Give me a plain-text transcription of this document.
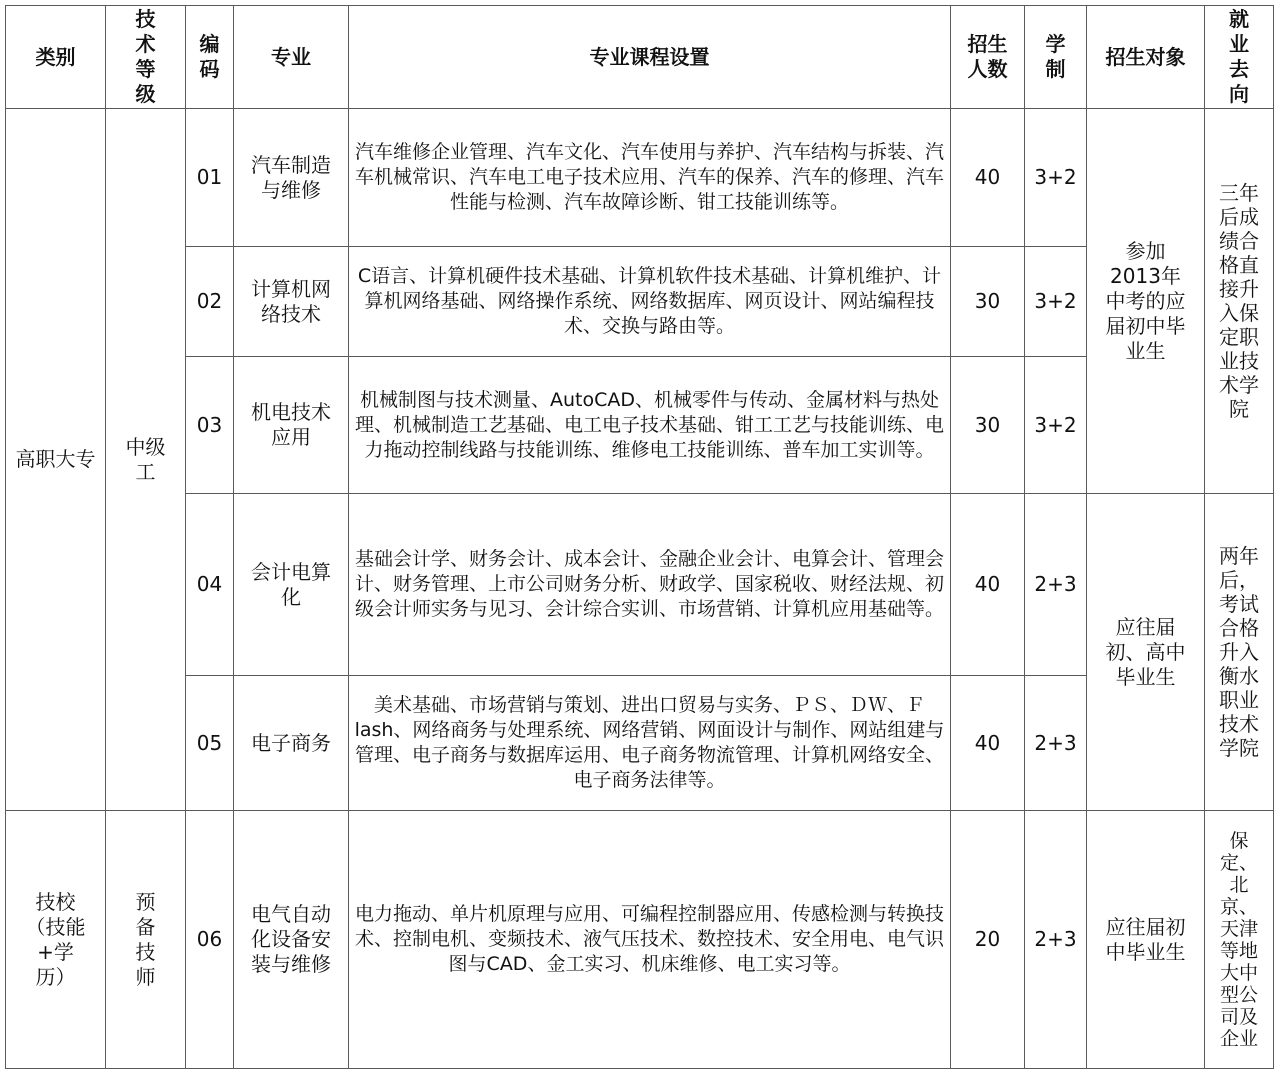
类别	技术等级	编码	专业	专业课程设置	招生人数	学制	招生对象	就业去向
高职大专	中级工	01	汽车制造与维修	汽车维修企业管理、汽车文化、汽车使用与养护、汽车结构与拆装、汽车机械常识、汽车电工电子技术应用、汽车的保养、汽车的修理、汽车性能与检测、汽车故障诊断、钳工技能训练等。	40	3+2	参加2013年中考的应届初中毕业生	三年后成绩合格直接升入保定职业技术学院
		02	计算机网络技术	C语言、计算机硬件技术基础、计算机软件技术基础、计算机维护、计算机网络基础、网络操作系统、网络数据库、网页设计、网站编程技术、交换与路由等。	30	3+2		
		03	机电技术应用	机械制图与技术测量、AutoCAD、机械零件与传动、金属材料与热处理、机械制造工艺基础、电工电子技术基础、钳工工艺与技能训练、电力拖动控制线路与技能训练、维修电工技能训练、普车加工实训等。	30	3+2		
		04	会计电算化	基础会计学、财务会计、成本会计、金融企业会计、电算会计、管理会计、财务管理、上市公司财务分析、财政学、国家税收、财经法规、初级会计师实务与见习、会计综合实训、市场营销、计算机应用基础等。	40	2+3	应往届初、高中毕业生	两年后，考试合格升入衡水职业技术学院
		05	电子商务	美术基础、市场营销与策划、进出口贸易与实务、ＰＳ、ＤＷ、Ｆlash、网络商务与处理系统、网络营销、网面设计与制作、网站组建与管理、电子商务与数据库运用、电子商务物流管理、计算机网络安全、电子商务法律等。	40	2+3		
技校（技能+学历）	预备技师	06	电气自动化设备安装与维修	电力拖动、单片机原理与应用、可编程控制器应用、传感检测与转换技术、控制电机、变频技术、液气压技术、数控技术、安全用电、电气识图与CAD、金工实习、机床维修、电工实习等。	20	2+3	应往届初中毕业生	保定、北京、天津等地大中型公司及企业
